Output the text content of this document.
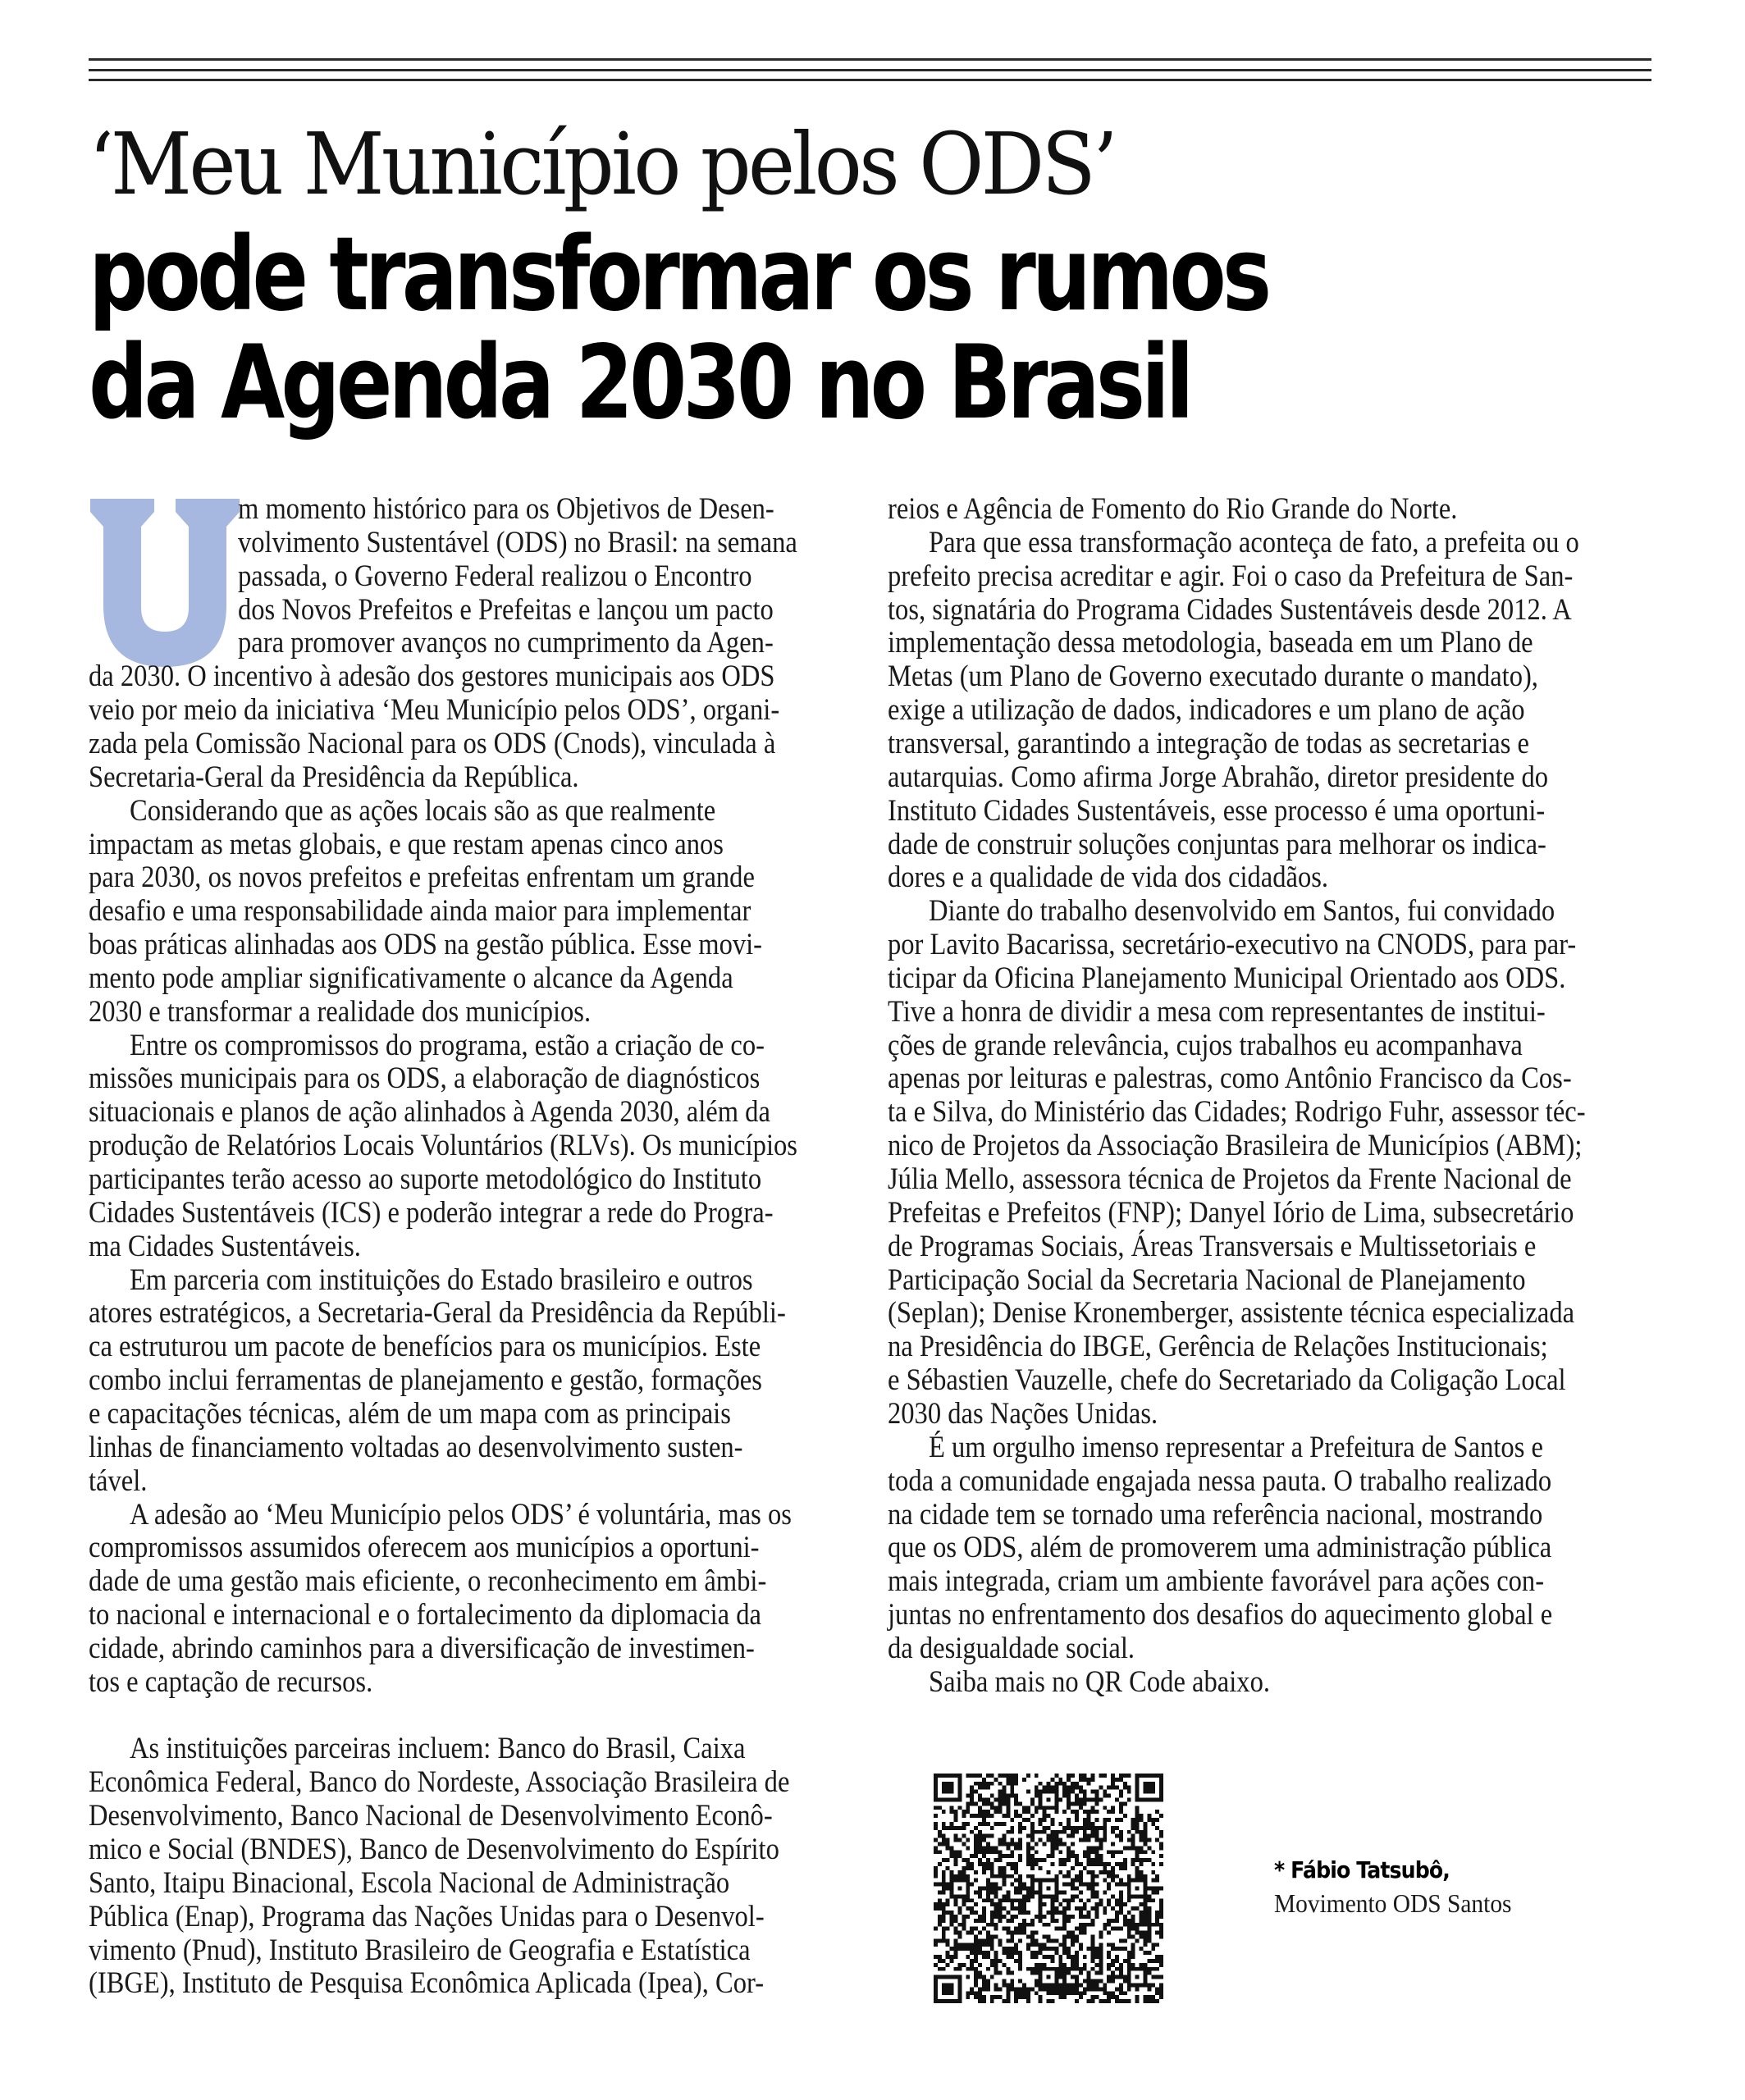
‘Meu Município pelos ODS’
pode transformar os rumos
da Agenda 2030 no Brasil
m momento histórico para os Objetivos de Desen-
volvimento Sustentável (ODS) no Brasil: na semana
passada, o Governo Federal realizou o Encontro
dos Novos Prefeitos e Prefeitas e lançou um pacto
para promover avanços no cumprimento da Agen-
da 2030. O incentivo à adesão dos gestores municipais aos ODS
veio por meio da iniciativa ‘Meu Município pelos ODS’, organi-
zada pela Comissão Nacional para os ODS (Cnods), vinculada à
Secretaria-Geral da Presidência da República.
Considerando que as ações locais são as que realmente
impactam as metas globais, e que restam apenas cinco anos
para 2030, os novos prefeitos e prefeitas enfrentam um grande
desafio e uma responsabilidade ainda maior para implementar
boas práticas alinhadas aos ODS na gestão pública. Esse movi-
mento pode ampliar significativamente o alcance da Agenda
2030 e transformar a realidade dos municípios.
Entre os compromissos do programa, estão a criação de co-
missões municipais para os ODS, a elaboração de diagnósticos
situacionais e planos de ação alinhados à Agenda 2030, além da
produção de Relatórios Locais Voluntários (RLVs). Os municípios
participantes terão acesso ao suporte metodológico do Instituto
Cidades Sustentáveis (ICS) e poderão integrar a rede do Progra-
ma Cidades Sustentáveis.
Em parceria com instituições do Estado brasileiro e outros
atores estratégicos, a Secretaria-Geral da Presidência da Repúbli-
ca estruturou um pacote de benefícios para os municípios. Este
combo inclui ferramentas de planejamento e gestão, formações
e capacitações técnicas, além de um mapa com as principais
linhas de financiamento voltadas ao desenvolvimento susten-
tável.
A adesão ao ‘Meu Município pelos ODS’ é voluntária, mas os
compromissos assumidos oferecem aos municípios a oportuni-
dade de uma gestão mais eficiente, o reconhecimento em âmbi-
to nacional e internacional e o fortalecimento da diplomacia da
cidade, abrindo caminhos para a diversificação de investimen-
tos e captação de recursos.
As instituições parceiras incluem: Banco do Brasil, Caixa
Econômica Federal, Banco do Nordeste, Associação Brasileira de
Desenvolvimento, Banco Nacional de Desenvolvimento Econô-
mico e Social (BNDES), Banco de Desenvolvimento do Espírito
Santo, Itaipu Binacional, Escola Nacional de Administração
Pública (Enap), Programa das Nações Unidas para o Desenvol-
vimento (Pnud), Instituto Brasileiro de Geografia e Estatística
(IBGE), Instituto de Pesquisa Econômica Aplicada (Ipea), Cor-
reios e Agência de Fomento do Rio Grande do Norte.
Para que essa transformação aconteça de fato, a prefeita ou o
prefeito precisa acreditar e agir. Foi o caso da Prefeitura de San-
tos, signatária do Programa Cidades Sustentáveis desde 2012. A
implementação dessa metodologia, baseada em um Plano de
Metas (um Plano de Governo executado durante o mandato),
exige a utilização de dados, indicadores e um plano de ação
transversal, garantindo a integração de todas as secretarias e
autarquias. Como afirma Jorge Abrahão, diretor presidente do
Instituto Cidades Sustentáveis, esse processo é uma oportuni-
dade de construir soluções conjuntas para melhorar os indica-
dores e a qualidade de vida dos cidadãos.
Diante do trabalho desenvolvido em Santos, fui convidado
por Lavito Bacarissa, secretário-executivo na CNODS, para par-
ticipar da Oficina Planejamento Municipal Orientado aos ODS.
Tive a honra de dividir a mesa com representantes de institui-
ções de grande relevância, cujos trabalhos eu acompanhava
apenas por leituras e palestras, como Antônio Francisco da Cos-
ta e Silva, do Ministério das Cidades; Rodrigo Fuhr, assessor téc-
nico de Projetos da Associação Brasileira de Municípios (ABM);
Júlia Mello, assessora técnica de Projetos da Frente Nacional de
Prefeitas e Prefeitos (FNP); Danyel Iório de Lima, subsecretário
de Programas Sociais, Áreas Transversais e Multissetoriais e
Participação Social da Secretaria Nacional de Planejamento
(Seplan); Denise Kronemberger, assistente técnica especializada
na Presidência do IBGE, Gerência de Relações Institucionais;
e Sébastien Vauzelle, chefe do Secretariado da Coligação Local
2030 das Nações Unidas.
É um orgulho imenso representar a Prefeitura de Santos e
toda a comunidade engajada nessa pauta. O trabalho realizado
na cidade tem se tornado uma referência nacional, mostrando
que os ODS, além de promoverem uma administração pública
mais integrada, criam um ambiente favorável para ações con-
juntas no enfrentamento dos desafios do aquecimento global e
da desigualdade social.
Saiba mais no QR Code abaixo.
* Fábio Tatsubô,
Movimento ODS Santos
